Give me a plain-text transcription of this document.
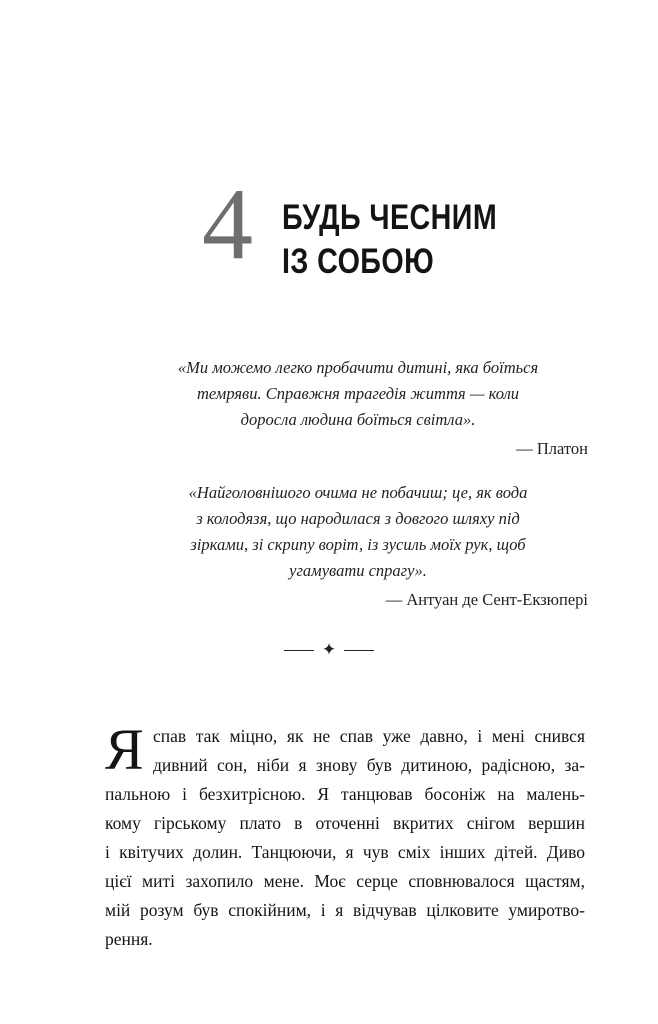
4 БУДЬ ЧЕСНИМ
ІЗ СОБОЮ
«Ми можемо легко пробачити дитині, яка боїться
темряви. Справжня трагедія життя — коли
доросла людина боїться світла».
— Платон
«Найголовнішого очима не побачиш; це, як вода
з колодязя, що народилася з довгого шляху під
зірками, зі скрипу воріт, із зусиль моїх рук, щоб
угамувати спрагу».
— Антуан де Сент-Екзюпері
✦
Я спав так міцно, як не спав уже давно, і мені снився
дивний сон, ніби я знову був дитиною, радісною, за-
пальною і безхитрісною. Я танцював босоніж на малень-
кому гірському плато в оточенні вкритих снігом вершин
і квітучих долин. Танцюючи, я чув сміх інших дітей. Диво
цієї миті захопило мене. Моє серце сповнювалося щастям,
мій розум був спокійним, і я відчував цілковите умиротво-
рення.
